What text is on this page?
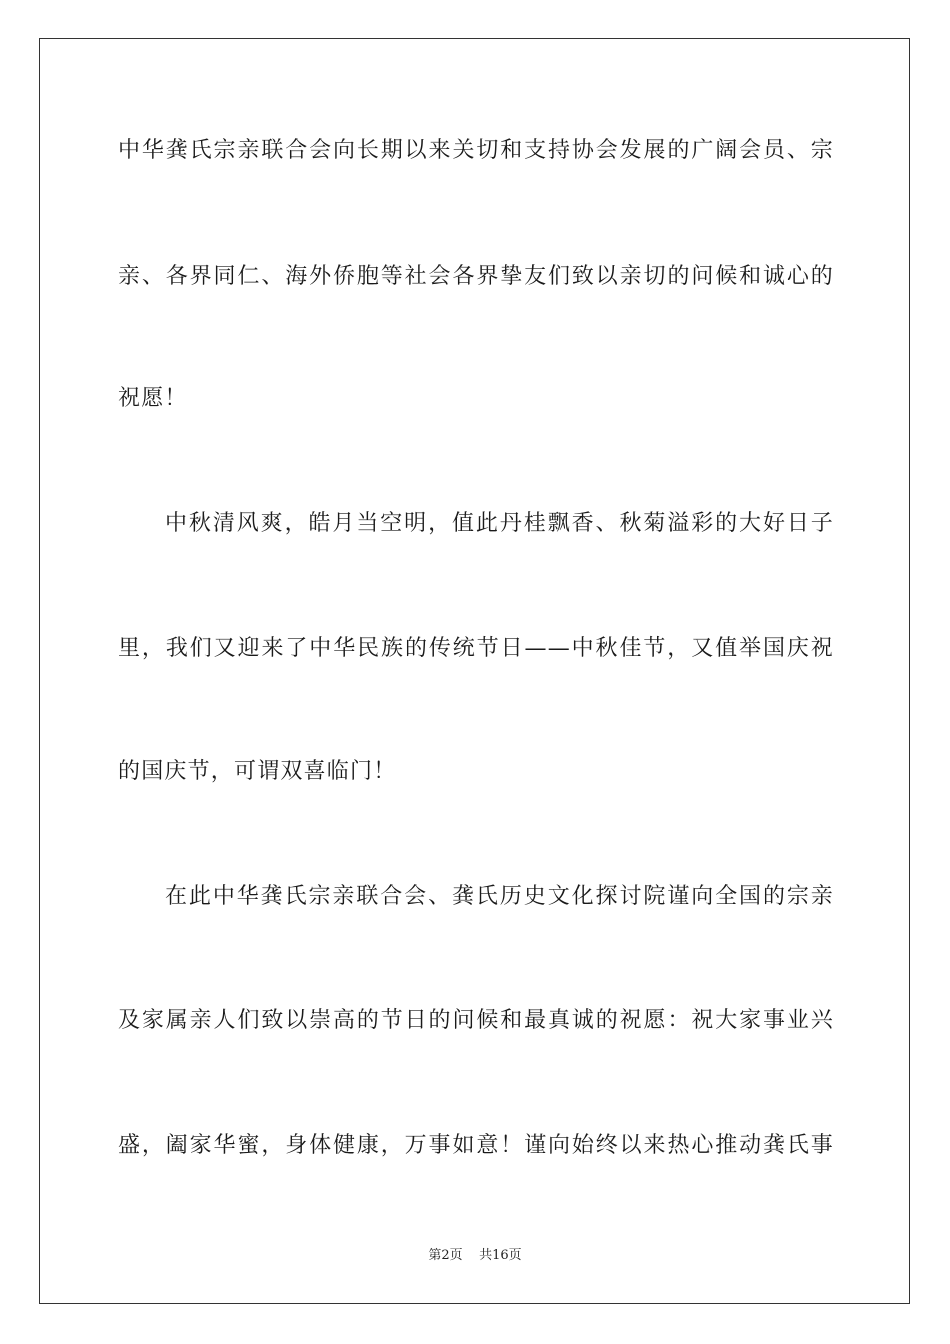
中华龚氏宗亲联合会向长期以来关切和支持协会发展的广阔会员、宗
亲、各界同仁、海外侨胞等社会各界挚友们致以亲切的问候和诚心的
祝愿！
中秋清风爽，皓月当空明，值此丹桂飘香、秋菊溢彩的大好日子
里，我们又迎来了中华民族的传统节日——中秋佳节，又值举国庆祝
的国庆节，可谓双喜临门！
在此中华龚氏宗亲联合会、龚氏历史文化探讨院谨向全国的宗亲
及家属亲人们致以崇高的节日的问候和最真诚的祝愿：祝大家事业兴
盛，阖家华蜜，身体健康，万事如意！谨向始终以来热心推动龚氏事
第2页 共16页
